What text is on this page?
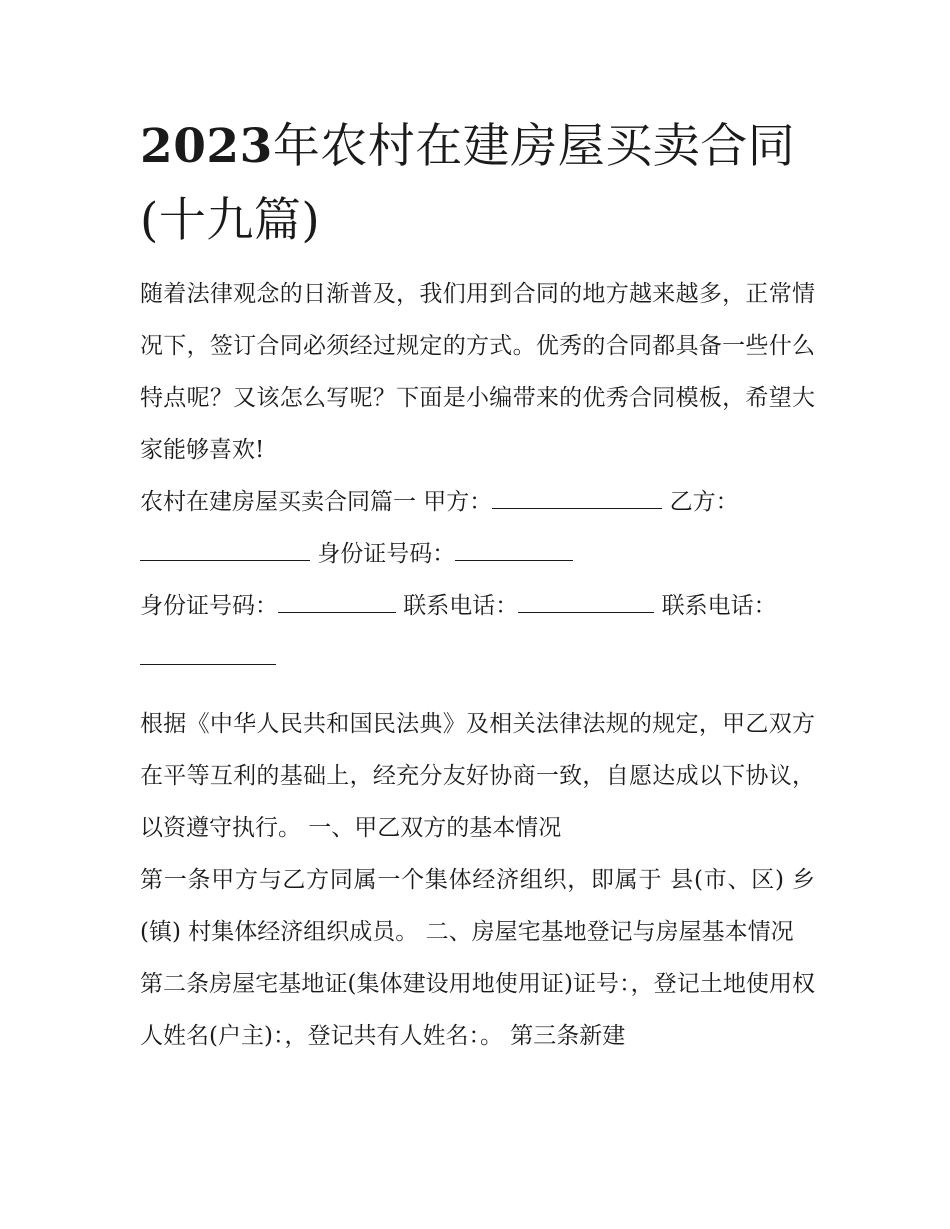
2023年农村在建房屋买卖合同(十九篇)

随着法律观念的日渐普及，我们用到合同的地方越来越多，正常情况下，签订合同必须经过规定的方式。优秀的合同都具备一些什么特点呢？又该怎么写呢？下面是小编带来的优秀合同模板，希望大家能够喜欢!

农村在建房屋买卖合同篇一 甲方：	乙方：
身份证号码：

身份证号码：	联系电话：	联系电话：

根据《中华人民共和国民法典》及相关法律法规的规定，甲乙双方在平等互利的基础上，经充分友好协商一致，自愿达成以下协议，以资遵守执行。 一、甲乙双方的基本情况

第一条甲方与乙方同属一个集体经济组织，即属于 县(市、区) 乡(镇) 村集体经济组织成员。 二、房屋宅基地登记与房屋基本情况

第二条房屋宅基地证(集体建设用地使用证)证号：，登记土地使用权人姓名(户主)：，登记共有人姓名：。 第三条新建
